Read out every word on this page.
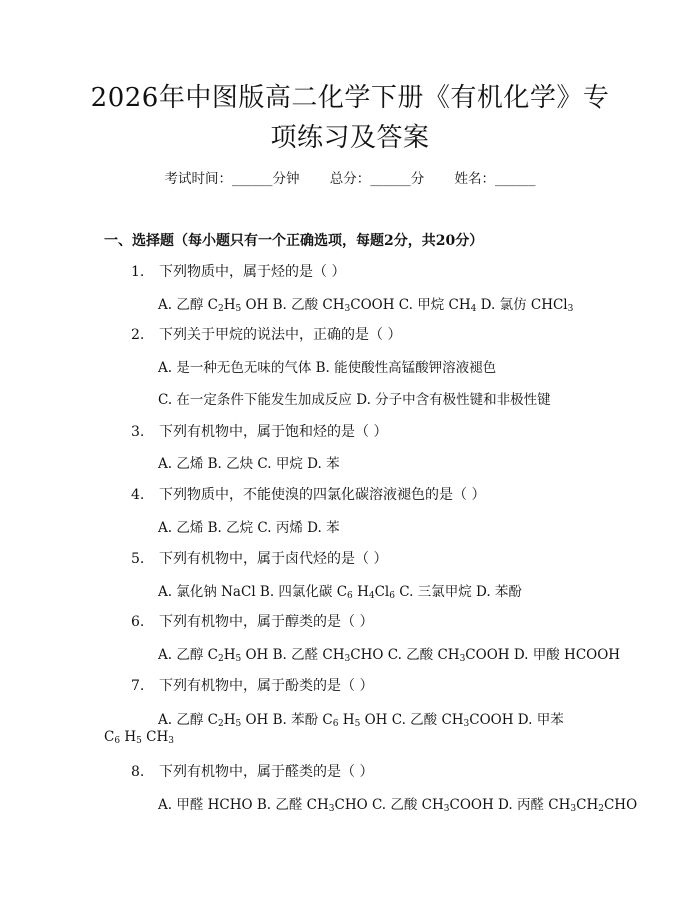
2026年中图版高二化学下册《有机化学》专
项练习及答案
考试时间：______分钟 总分：______分 姓名：______
一、选择题（每小题只有一个正确选项，每题2分，共20分）
1. 下列物质中，属于烃的是（ ）
A. 乙醇 $C_2H_5$ OH B. 乙酸 $CH_3COOH$ C. 甲烷 $CH_4$ D. 氯仿 CHCl$_3$
2. 下列关于甲烷的说法中，正确的是（ ）
A. 是一种无色无味的气体 B. 能使酸性高锰酸钾溶液褪色
C. 在一定条件下能发生加成反应 D. 分子中含有极性键和非极性键
3. 下列有机物中，属于饱和烃的是（ ）
A. 乙烯 B. 乙炔 C. 甲烷 D. 苯
4. 下列物质中，不能使溴的四氯化碳溶液褪色的是（ ）
A. 乙烯 B. 乙烷 C. 丙烯 D. 苯
5. 下列有机物中，属于卤代烃的是（ ）
A. 氯化钠 NaCl B. 四氯化碳 $C_6$ $H_4Cl_6$ C. 三氯甲烷 D. 苯酚
6. 下列有机物中，属于醇类的是（ ）
A. 乙醇 $C_2H_5$ OH B. 乙醛 $CH_3CHO$ C. 乙酸 $CH_3COOH$ D. 甲酸 HCOOH
7. 下列有机物中，属于酚类的是（ ）
A. 乙醇 $C_2H_5$ OH B. 苯酚 $C_6$ $H_5$ OH C. 乙酸 $CH_3COOH$ D. 甲苯
$C_6$ $H_5$ $CH_3$
8. 下列有机物中，属于醛类的是（ ）
A. 甲醛 HCHO B. 乙醛 $CH_3CHO$ C. 乙酸 $CH_3COOH$ D. 丙醛 $CH_3CH_2CHO$
